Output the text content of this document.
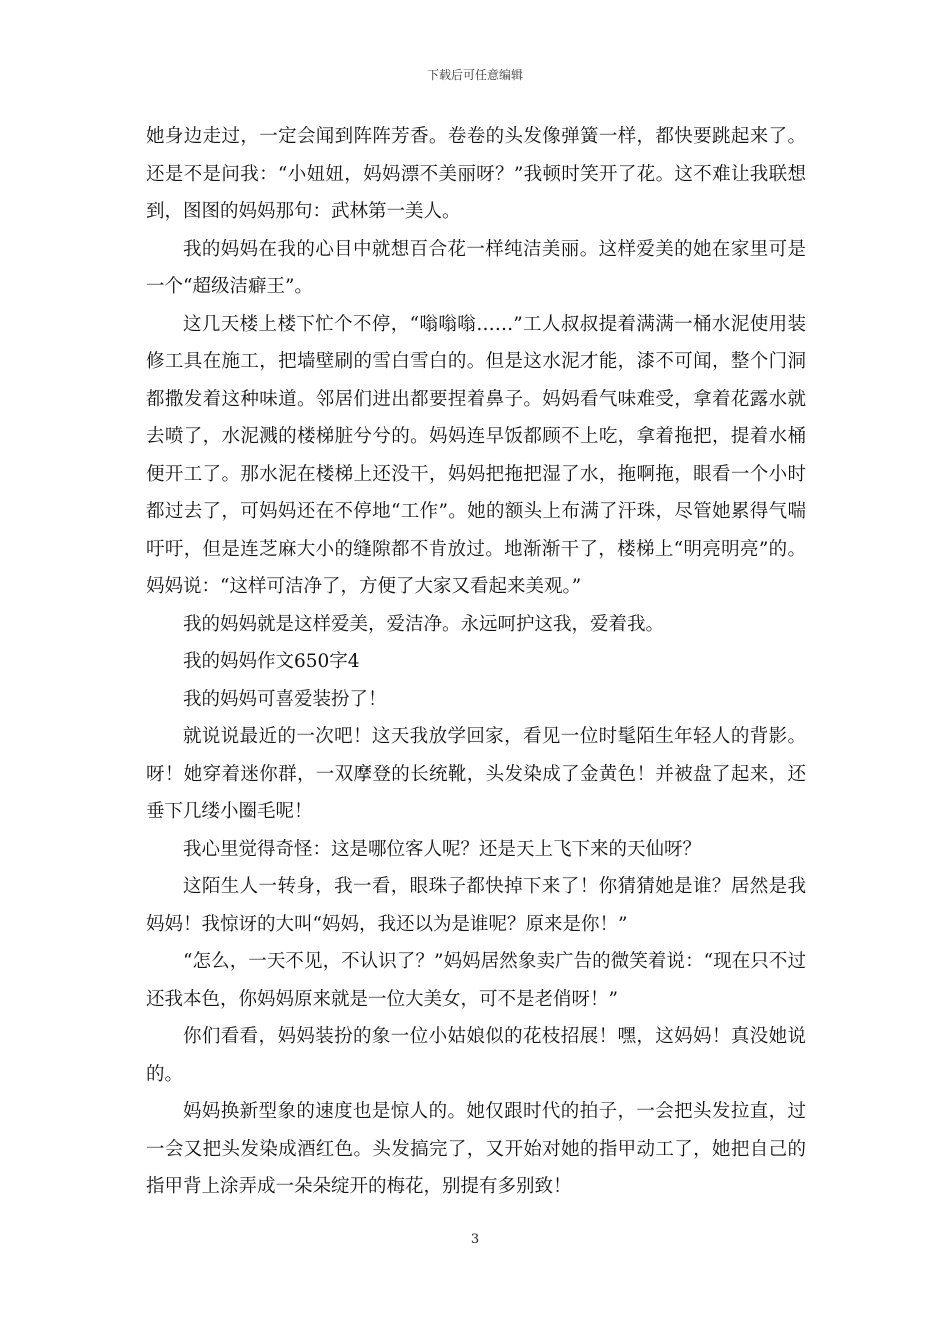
下载后可任意编辑

她身边走过，一定会闻到阵阵芳香。卷卷的头发像弹簧一样，都快要跳起来了。还是不是问我：“小妞妞，妈妈漂不美丽呀？”我顿时笑开了花。这不难让我联想到，图图的妈妈那句：武林第一美人。

我的妈妈在我的心目中就想百合花一样纯洁美丽。这样爱美的她在家里可是一个“超级洁癖王”。

这几天楼上楼下忙个不停，“嗡嗡嗡……”工人叔叔提着满满一桶水泥使用装修工具在施工，把墙壁刷的雪白雪白的。但是这水泥才能，漆不可闻，整个门洞都撒发着这种味道。邻居们进出都要捏着鼻子。妈妈看气味难受，拿着花露水就去喷了，水泥溅的楼梯脏兮兮的。妈妈连早饭都顾不上吃，拿着拖把，提着水桶便开工了。那水泥在楼梯上还没干，妈妈把拖把湿了水，拖啊拖，眼看一个小时都过去了，可妈妈还在不停地“工作”。她的额头上布满了汗珠，尽管她累得气喘吁吁，但是连芝麻大小的缝隙都不肯放过。地渐渐干了，楼梯上“明亮明亮”的。妈妈说：“这样可洁净了，方便了大家又看起来美观。”

我的妈妈就是这样爱美，爱洁净。永远呵护这我，爱着我。

我的妈妈作文650字4

我的妈妈可喜爱装扮了！

就说说最近的一次吧！这天我放学回家，看见一位时髦陌生年轻人的背影。呀！她穿着迷你群，一双摩登的长统靴，头发染成了金黄色！并被盘了起来，还垂下几缕小圈毛呢！

我心里觉得奇怪：这是哪位客人呢？还是天上飞下来的天仙呀？

这陌生人一转身，我一看，眼珠子都快掉下来了！你猜猜她是谁？居然是我妈妈！我惊讶的大叫“妈妈，我还以为是谁呢？原来是你！”

“怎么，一天不见，不认识了？”妈妈居然象卖广告的微笑着说：“现在只不过还我本色，你妈妈原来就是一位大美女，可不是老俏呀！”

你们看看，妈妈装扮的象一位小姑娘似的花枝招展！嘿，这妈妈！真没她说的。

妈妈换新型象的速度也是惊人的。她仅跟时代的拍子，一会把头发拉直，过一会又把头发染成酒红色。头发搞完了，又开始对她的指甲动工了，她把自己的指甲背上涂弄成一朵朵绽开的梅花，别提有多别致！

3
